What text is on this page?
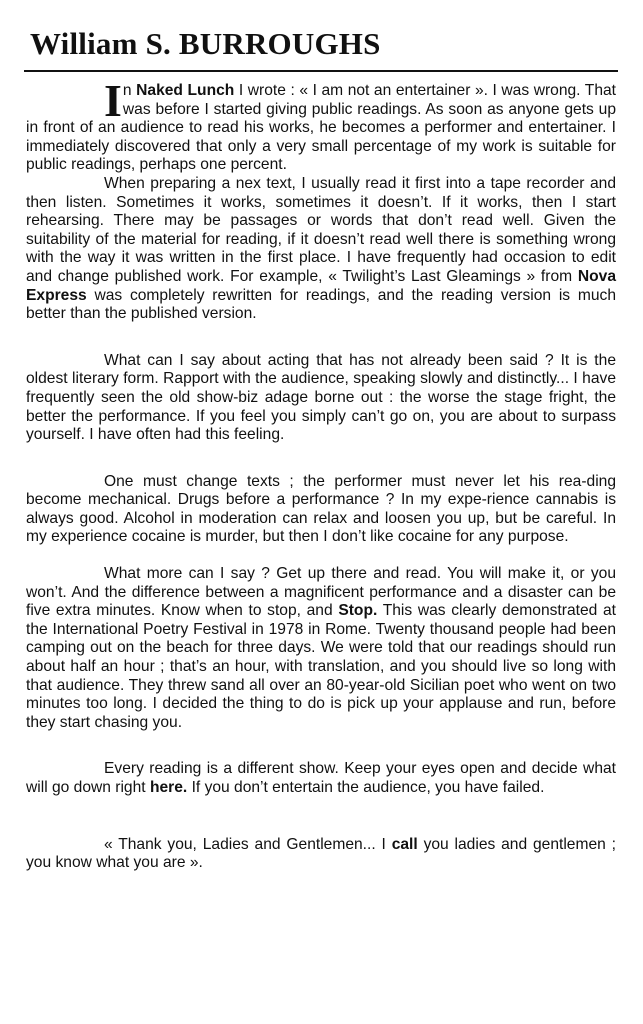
William S. BURROUGHS

In Naked Lunch I wrote : « I am not an entertainer ». I was wrong. That was before I started giving public readings. As soon as anyone gets up in front of an audience to read his works, he becomes a performer and entertainer. I immediately discovered that only a very small percentage of my work is suitable for public readings, perhaps one percent.

When preparing a nex text, I usually read it first into a tape recorder and then listen. Sometimes it works, sometimes it doesn’t. If it works, then I start rehearsing. There may be passages or words that don’t read well. Given the suitability of the material for reading, if it doesn’t read well there is something wrong with the way it was written in the first place. I have frequently had occasion to edit and change published work. For example, « Twilight’s Last Gleamings » from Nova Express was completely rewritten for readings, and the reading version is much better than the published version.

What can I say about acting that has not already been said ? It is the oldest literary form. Rapport with the audience, speaking slowly and distinctly... I have frequently seen the old show-biz adage borne out : the worse the stage fright, the better the performance. If you feel you simply can’t go on, you are about to surpass yourself. I have often had this feeling.

One must change texts ; the performer must never let his rea-ding become mechanical. Drugs before a performance ? In my expe-rience cannabis is always good. Alcohol in moderation can relax and loosen you up, but be careful. In my experience cocaine is murder, but then I don’t like cocaine for any purpose.

What more can I say ? Get up there and read. You will make it, or you won’t. And the difference between a magnificent performance and a disaster can be five extra minutes. Know when to stop, and Stop. This was clearly demonstrated at the International Poetry Festival in 1978 in Rome. Twenty thousand people had been camping out on the beach for three days. We were told that our readings should run about half an hour ; that’s an hour, with translation, and you should live so long with that audience. They threw sand all over an 80-year-old Sicilian poet who went on two minutes too long. I decided the thing to do is pick up your applause and run, before they start chasing you.

Every reading is a different show. Keep your eyes open and decide what will go down right here. If you don’t entertain the audience, you have failed.

« Thank you, Ladies and Gentlemen... I call you ladies and gentlemen ; you know what you are ».
